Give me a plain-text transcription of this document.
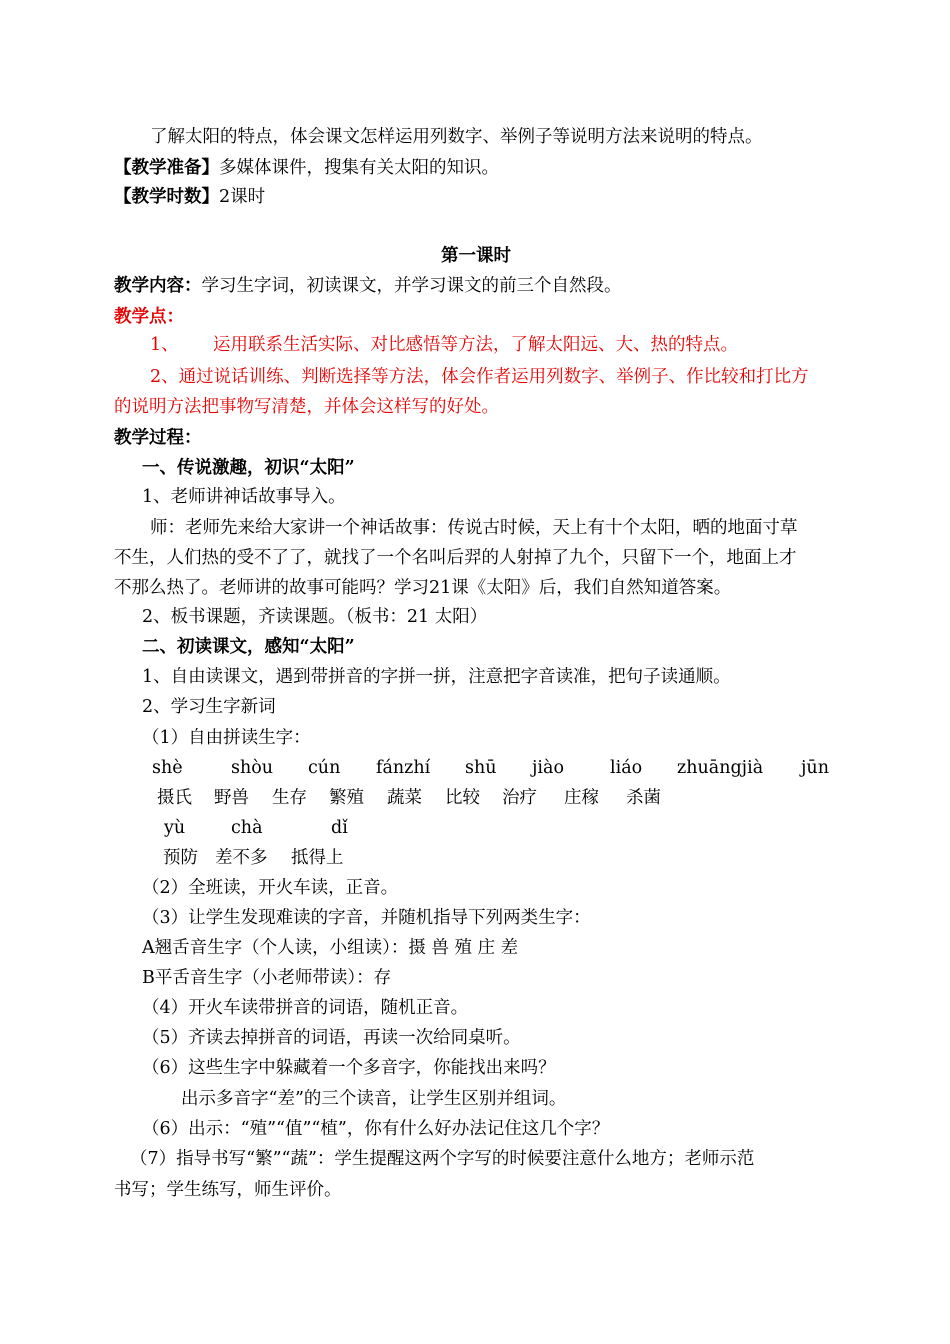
了解太阳的特点，体会课文怎样运用列数字、举例子等说明方法来说明的特点。
【教学准备】多媒体课件，搜集有关太阳的知识。
【教学时数】2课时
第一课时
教学内容：学习生字词，初读课文，并学习课文的前三个自然段。
教学点：
1、 运用联系生活实际、对比感悟等方法，了解太阳远、大、热的特点。
2、通过说话训练、判断选择等方法，体会作者运用列数字、举例子、作比较和打比方
的说明方法把事物写清楚，并体会这样写的好处。
教学过程：
一、传说激趣，初识“太阳”
1、老师讲神话故事导入。
师：老师先来给大家讲一个神话故事：传说古时候，天上有十个太阳，晒的地面寸草
不生，人们热的受不了了，就找了一个名叫后羿的人射掉了九个，只留下一个，地面上才
不那么热了。老师讲的故事可能吗？学习21课《太阳》后，我们自然知道答案。
2、板书课题，齐读课题。（板书：21 太阳）
二、初读课文，感知“太阳”
1、自由读课文，遇到带拼音的字拼一拼，注意把字音读准，把句子读通顺。
2、学习生字新词
（1）自由拼读生字：
shè	shòu cún fánzhí shū jiào	liáo zhuāngjià jūn
摄氏 野兽 生存 繁殖 蔬菜 比较 治疗 庄稼 杀菌
yù	chà	dǐ
预防 差不多 抵得上
（2）全班读，开火车读，正音。
（3）让学生发现难读的字音，并随机指导下列两类生字：
A翘舌音生字（个人读，小组读）：摄 兽 殖 庄 差
B平舌音生字（小老师带读）：存
（4）开火车读带拼音的词语，随机正音。
（5）齐读去掉拼音的词语，再读一次给同桌听。
（6）这些生字中躲藏着一个多音字，你能找出来吗？
出示多音字“差”的三个读音，让学生区别并组词。
（6）出示：“殖”“值”“植”，你有什么好办法记住这几个字？
（7）指导书写“繁”“蔬”：学生提醒这两个字写的时候要注意什么地方；老师示范
书写；学生练写，师生评价。
